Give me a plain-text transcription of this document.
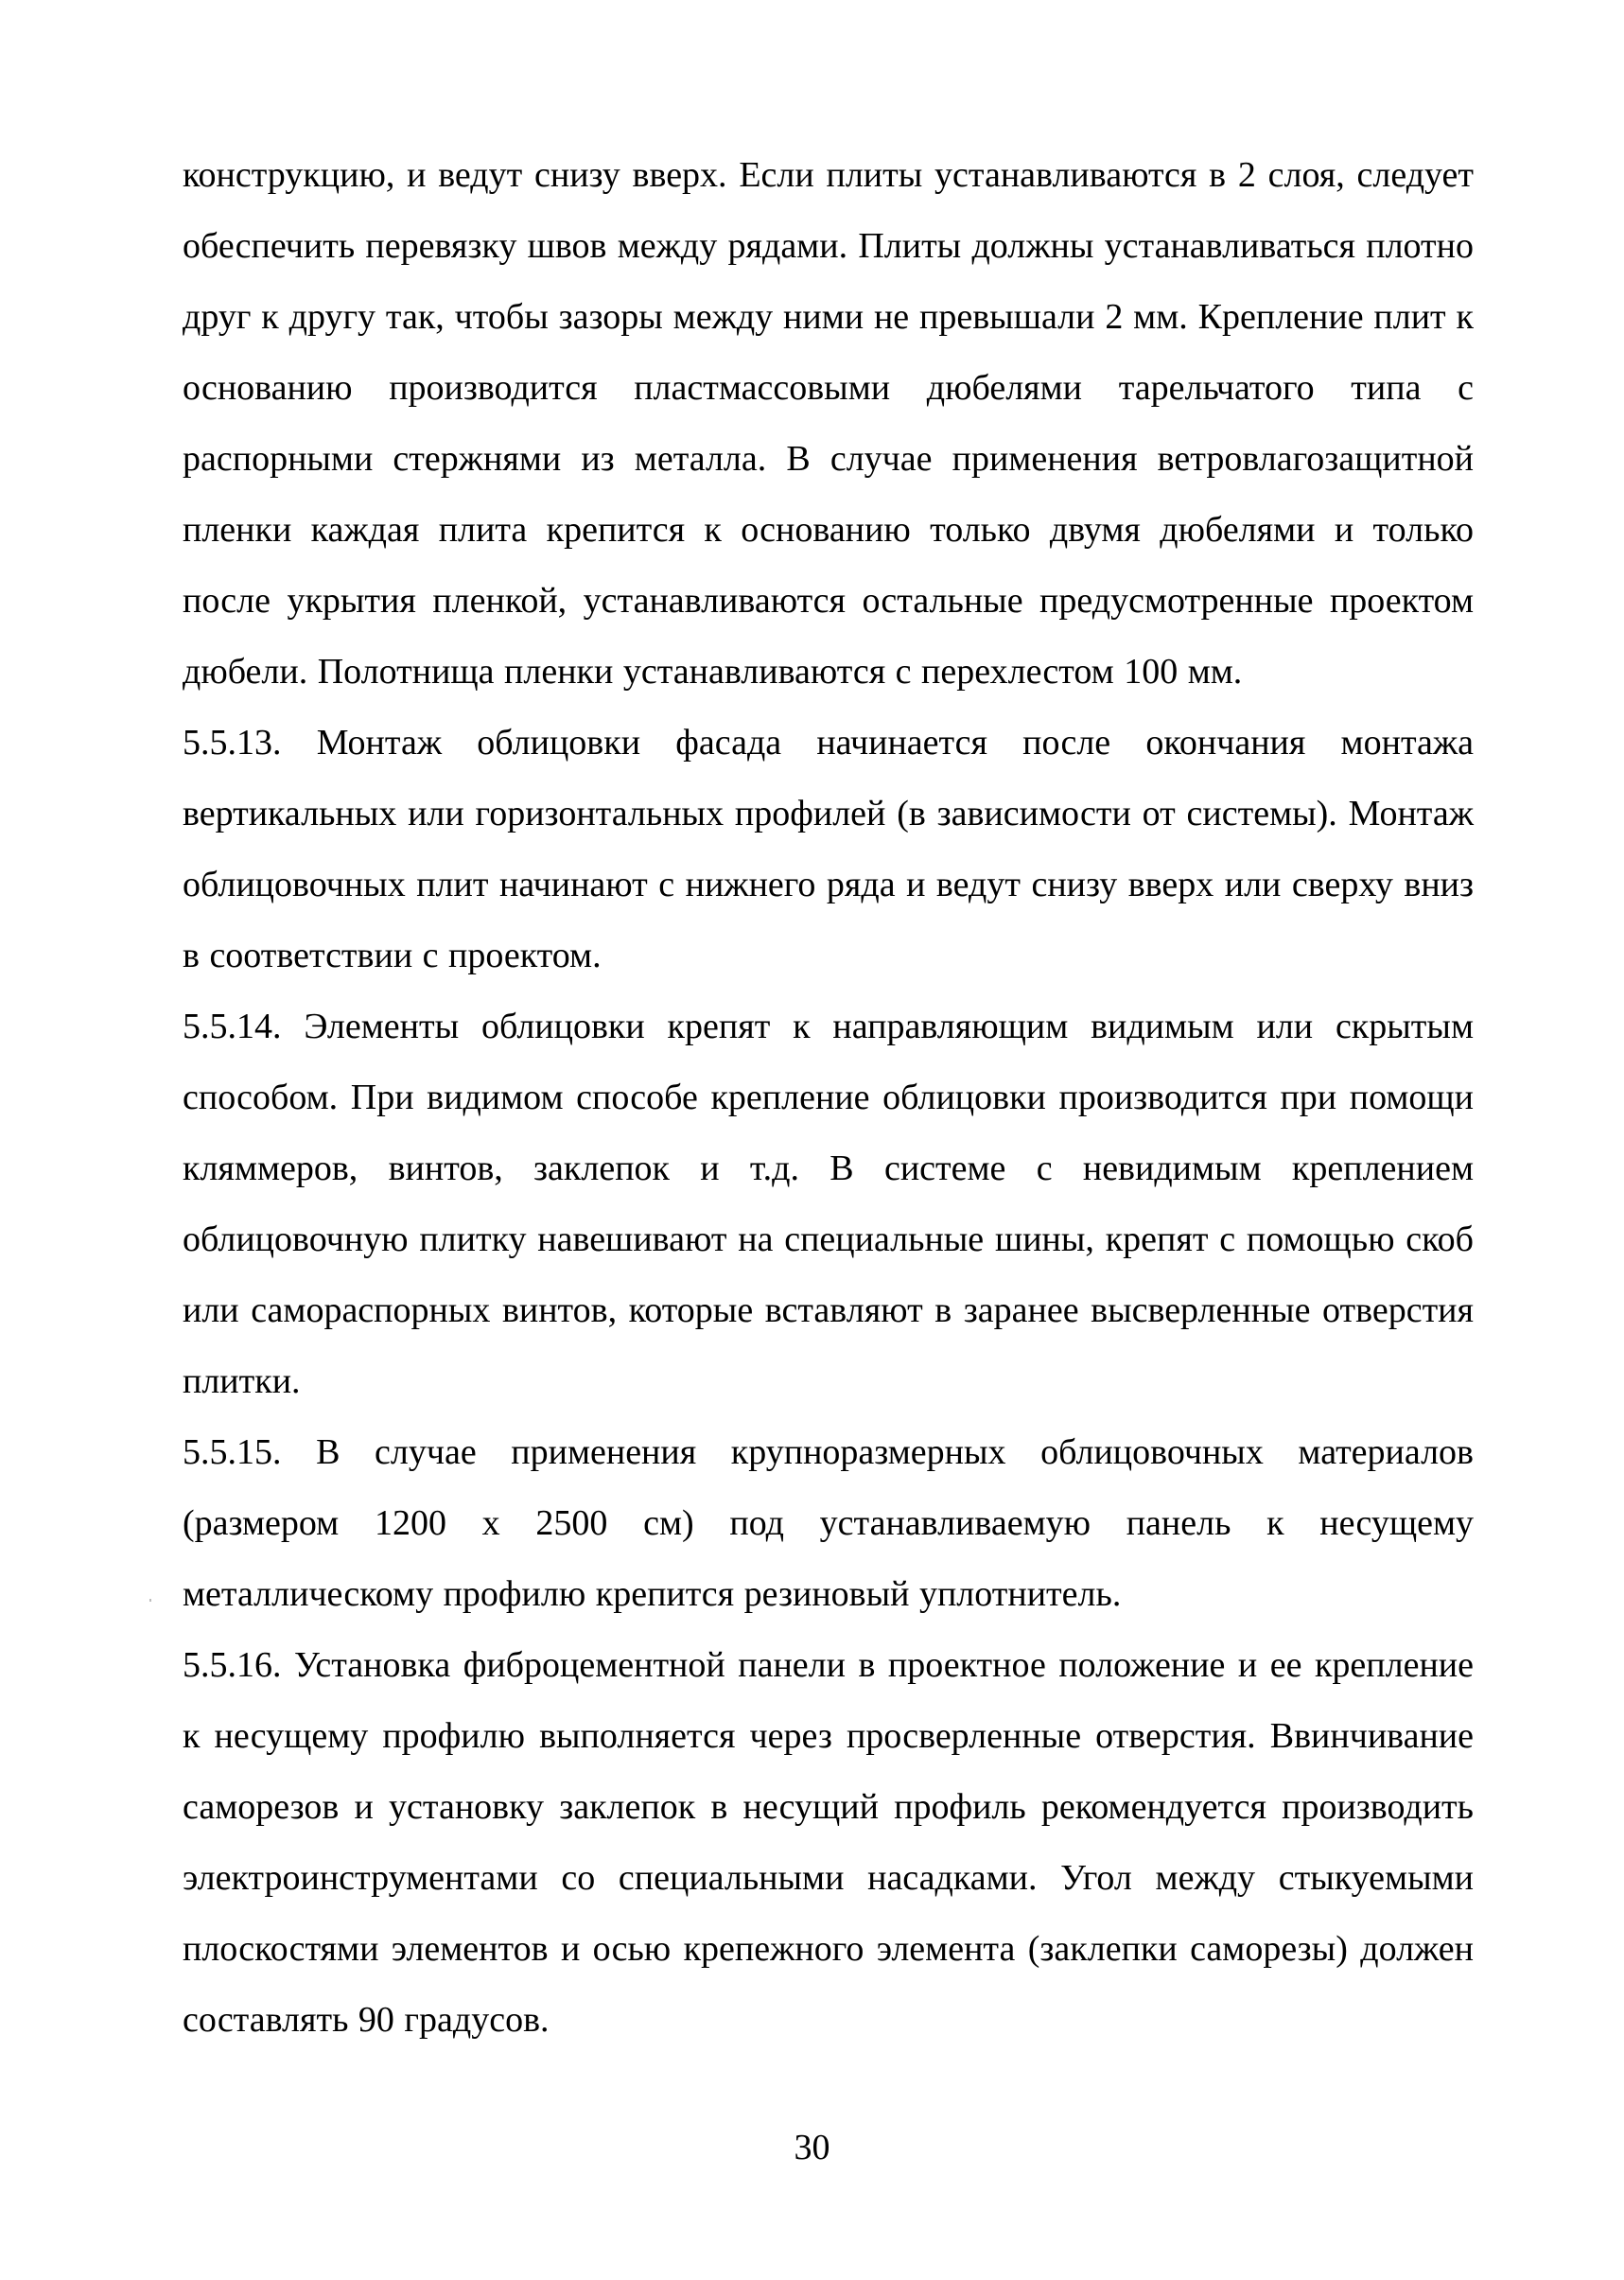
конструкцию, и ведут снизу вверх. Если плиты устанавливаются в 2 слоя, следует обеспечить перевязку швов между рядами. Плиты должны устанавливаться плотно друг к другу так, чтобы зазоры между ними не превышали 2 мм. Крепление плит к основанию производится пластмассовыми дюбелями тарельчатого типа с распорными стержнями из металла. В случае применения ветровлагозащитной пленки каждая плита крепится к основанию только двумя дюбелями и только после укрытия пленкой, устанавливаются остальные предусмотренные проектом дюбели. Полотнища пленки устанавливаются с перехлестом 100 мм.

5.5.13. Монтаж облицовки фасада начинается после окончания монтажа вертикальных или горизонтальных профилей (в зависимости от системы). Монтаж облицовочных плит начинают с нижнего ряда и ведут снизу вверх или сверху вниз в соответствии с проектом.

5.5.14. Элементы облицовки крепят к направляющим видимым или скрытым способом. При видимом способе крепление облицовки производится при помощи кляммеров, винтов, заклепок и т.д. В системе с невидимым креплением облицовочную плитку навешивают на специальные шины, крепят с помощью скоб или самораспорных винтов, которые вставляют в заранее высверленные отверстия плитки.

5.5.15. В случае применения крупноразмерных облицовочных материалов (размером 1200 х 2500 см) под устанавливаемую панель к несущему металлическому профилю крепится резиновый уплотнитель.

5.5.16. Установка фиброцементной панели в проектное положение и ее крепление к несущему профилю выполняется через просверленные отверстия. Ввинчивание саморезов и установку заклепок в несущий профиль рекомендуется производить электроинструментами со специальными насадками. Угол между стыкуемыми плоскостями элементов и осью крепежного элемента (заклепки саморезы) должен составлять 90 градусов.

30
